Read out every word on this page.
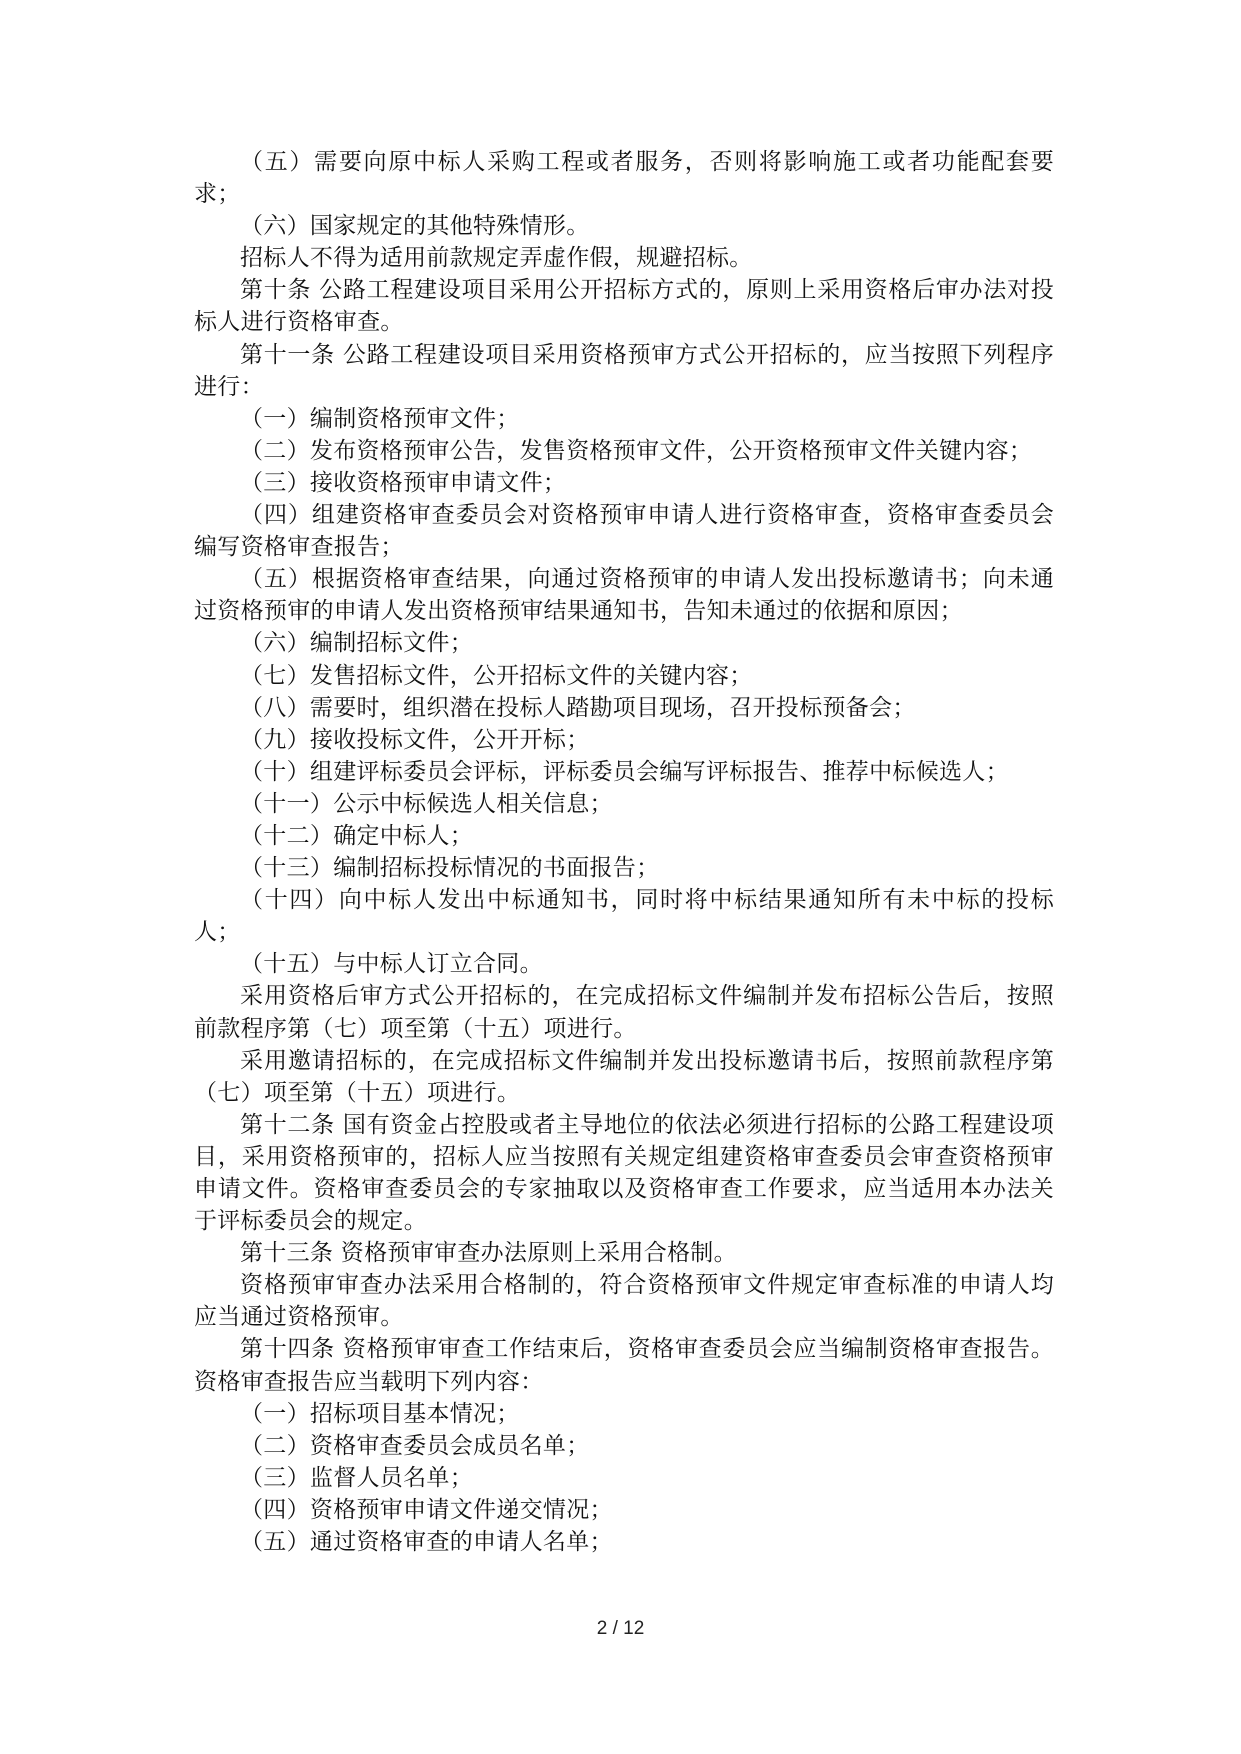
（五）需要向原中标人采购工程或者服务，否则将影响施工或者功能配套要求；

（六）国家规定的其他特殊情形。

招标人不得为适用前款规定弄虚作假，规避招标。

第十条 公路工程建设项目采用公开招标方式的，原则上采用资格后审办法对投标人进行资格审查。

第十一条 公路工程建设项目采用资格预审方式公开招标的，应当按照下列程序进行：

（一）编制资格预审文件；

（二）发布资格预审公告，发售资格预审文件，公开资格预审文件关键内容；

（三）接收资格预审申请文件；

（四）组建资格审查委员会对资格预审申请人进行资格审查，资格审查委员会编写资格审查报告；

（五）根据资格审查结果，向通过资格预审的申请人发出投标邀请书；向未通过资格预审的申请人发出资格预审结果通知书，告知未通过的依据和原因；

（六）编制招标文件；

（七）发售招标文件，公开招标文件的关键内容；

（八）需要时，组织潜在投标人踏勘项目现场，召开投标预备会；

（九）接收投标文件，公开开标；

（十）组建评标委员会评标，评标委员会编写评标报告、推荐中标候选人；

（十一）公示中标候选人相关信息；

（十二）确定中标人；

（十三）编制招标投标情况的书面报告；

（十四）向中标人发出中标通知书，同时将中标结果通知所有未中标的投标人；

（十五）与中标人订立合同。

采用资格后审方式公开招标的，在完成招标文件编制并发布招标公告后，按照前款程序第（七）项至第（十五）项进行。

采用邀请招标的，在完成招标文件编制并发出投标邀请书后，按照前款程序第（七）项至第（十五）项进行。

第十二条 国有资金占控股或者主导地位的依法必须进行招标的公路工程建设项目，采用资格预审的，招标人应当按照有关规定组建资格审查委员会审查资格预审申请文件。资格审查委员会的专家抽取以及资格审查工作要求，应当适用本办法关于评标委员会的规定。

第十三条 资格预审审查办法原则上采用合格制。

资格预审审查办法采用合格制的，符合资格预审文件规定审查标准的申请人均应当通过资格预审。

第十四条 资格预审审查工作结束后，资格审查委员会应当编制资格审查报告。资格审查报告应当载明下列内容：

（一）招标项目基本情况；

（二）资格审查委员会成员名单；

（三）监督人员名单；

（四）资格预审申请文件递交情况；

（五）通过资格审查的申请人名单；

2 / 12
